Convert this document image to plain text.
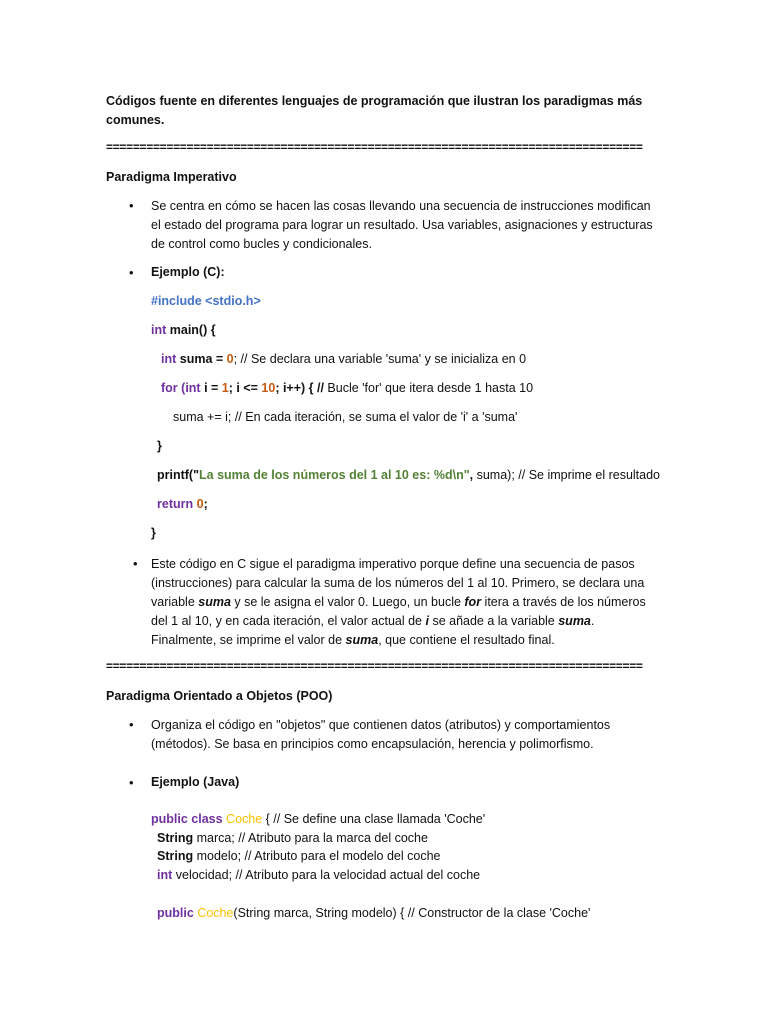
Códigos fuente en diferentes lenguajes de programación que ilustran los paradigmas más comunes.
================================================================================
Paradigma Imperativo
• Se centra en cómo se hacen las cosas llevando una secuencia de instrucciones modifican el estado del programa para lograr un resultado. Usa variables, asignaciones y estructuras de control como bucles y condicionales.
• Ejemplo (C):
#include <stdio.h>
int main() {
int suma = 0; // Se declara una variable 'suma' y se inicializa en 0
for (int i = 1; i <= 10; i++) { // Bucle 'for' que itera desde 1 hasta 10
suma += i; // En cada iteración, se suma el valor de 'i' a 'suma'
}
printf("La suma de los números del 1 al 10 es: %d\n", suma); // Se imprime el resultado
return 0;
}
• Este código en C sigue el paradigma imperativo porque define una secuencia de pasos (instrucciones) para calcular la suma de los números del 1 al 10. Primero, se declara una variable suma y se le asigna el valor 0. Luego, un bucle for itera a través de los números del 1 al 10, y en cada iteración, el valor actual de i se añade a la variable suma. Finalmente, se imprime el valor de suma, que contiene el resultado final.
================================================================================
Paradigma Orientado a Objetos (POO)
• Organiza el código en "objetos" que contienen datos (atributos) y comportamientos (métodos). Se basa en principios como encapsulación, herencia y polimorfismo.
• Ejemplo (Java)
public class Coche { // Se define una clase llamada 'Coche'
String marca; // Atributo para la marca del coche
String modelo; // Atributo para el modelo del coche
int velocidad; // Atributo para la velocidad actual del coche
public Coche(String marca, String modelo) { // Constructor de la clase 'Coche'
